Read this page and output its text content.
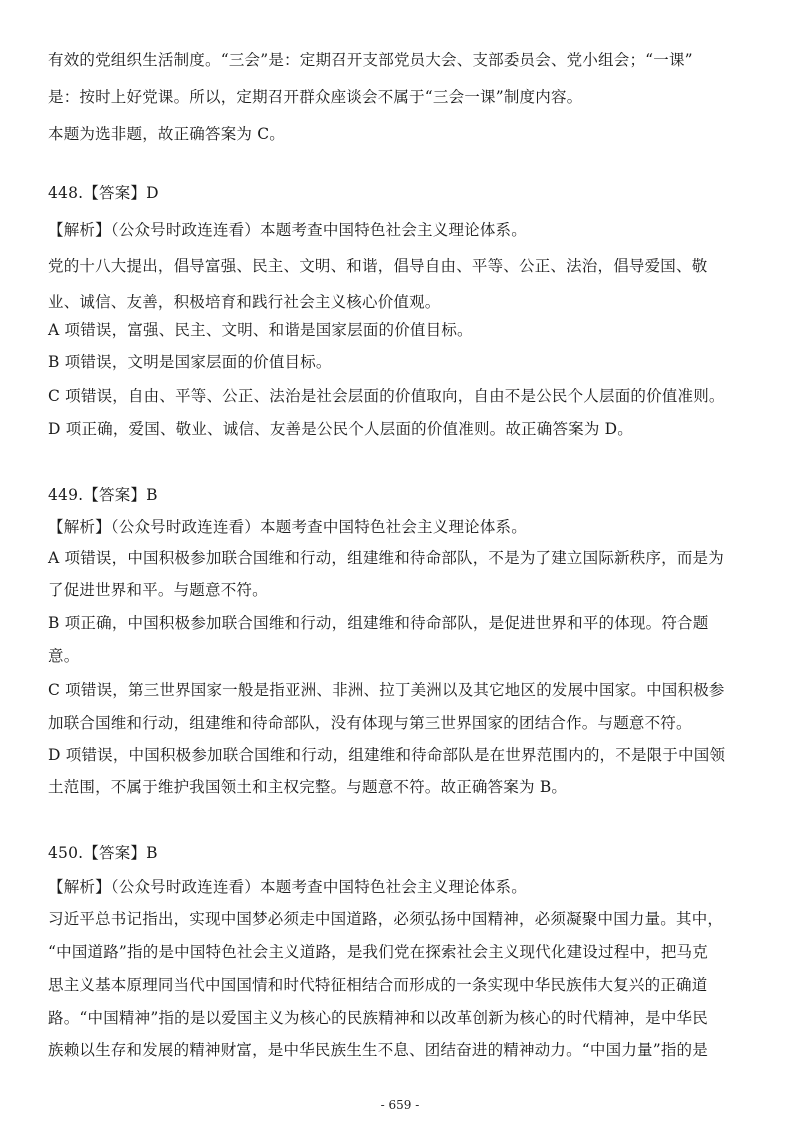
有效的党组织生活制度。“三会”是：定期召开支部党员大会、支部委员会、党小组会；“一课”
是：按时上好党课。所以，定期召开群众座谈会不属于“三会一课”制度内容。
本题为选非题，故正确答案为 C。
448.【答案】D
【解析】（公众号时政连连看）本题考查中国特色社会主义理论体系。
党的十八大提出，倡导富强、民主、文明、和谐，倡导自由、平等、公正、法治，倡导爱国、敬
业、诚信、友善，积极培育和践行社会主义核心价值观。
A 项错误，富强、民主、文明、和谐是国家层面的价值目标。
B 项错误，文明是国家层面的价值目标。
C 项错误，自由、平等、公正、法治是社会层面的价值取向，自由不是公民个人层面的价值准则。
D 项正确，爱国、敬业、诚信、友善是公民个人层面的价值准则。故正确答案为 D。
449.【答案】B
【解析】（公众号时政连连看）本题考查中国特色社会主义理论体系。
A 项错误，中国积极参加联合国维和行动，组建维和待命部队，不是为了建立国际新秩序，而是为
了促进世界和平。与题意不符。
B 项正确，中国积极参加联合国维和行动，组建维和待命部队，是促进世界和平的体现。符合题
意。
C 项错误，第三世界国家一般是指亚洲、非洲、拉丁美洲以及其它地区的发展中国家。中国积极参
加联合国维和行动，组建维和待命部队，没有体现与第三世界国家的团结合作。与题意不符。
D 项错误，中国积极参加联合国维和行动，组建维和待命部队是在世界范围内的，不是限于中国领
土范围，不属于维护我国领土和主权完整。与题意不符。故正确答案为 B。
450.【答案】B
【解析】（公众号时政连连看）本题考查中国特色社会主义理论体系。
习近平总书记指出，实现中国梦必须走中国道路，必须弘扬中国精神，必须凝聚中国力量。其中，
“中国道路”指的是中国特色社会主义道路，是我们党在探索社会主义现代化建设过程中，把马克
思主义基本原理同当代中国国情和时代特征相结合而形成的一条实现中华民族伟大复兴的正确道
路。“中国精神”指的是以爱国主义为核心的民族精神和以改革创新为核心的时代精神，是中华民
族赖以生存和发展的精神财富，是中华民族生生不息、团结奋进的精神动力。“中国力量”指的是
- 659 -
